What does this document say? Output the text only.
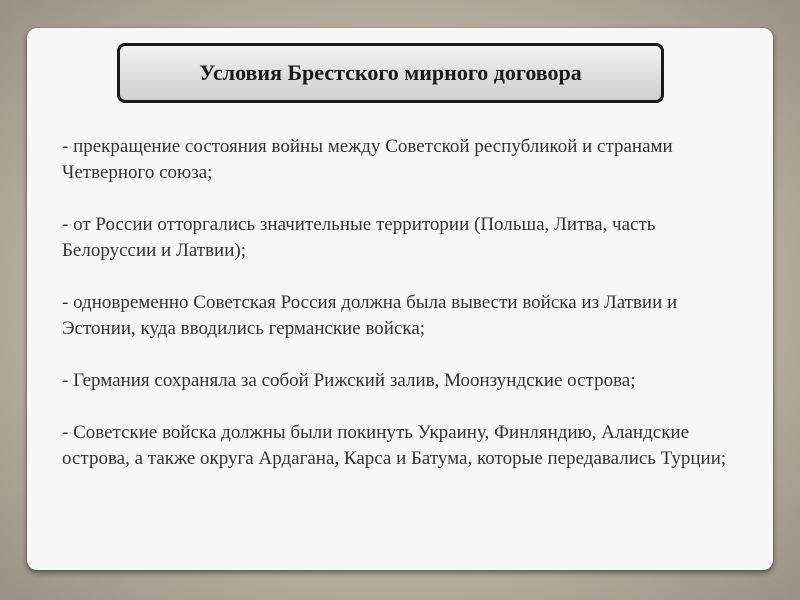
Условия Брестского мирного договора
- прекращение состояния войны между Советской республикой и странами Четверного союза;
- от России отторгались значительные территории (Польша, Литва, часть Белоруссии и Латвии);
- одновременно Советская Россия должна была вывести войска из Латвии и Эстонии, куда вводились германские войска;
- Германия сохраняла за собой Рижский залив, Моонзундские острова;
- Советские войска должны были покинуть Украину, Финляндию, Аландские острова, а также округа Ардагана, Карса и Батума, которые передавались Турции;
